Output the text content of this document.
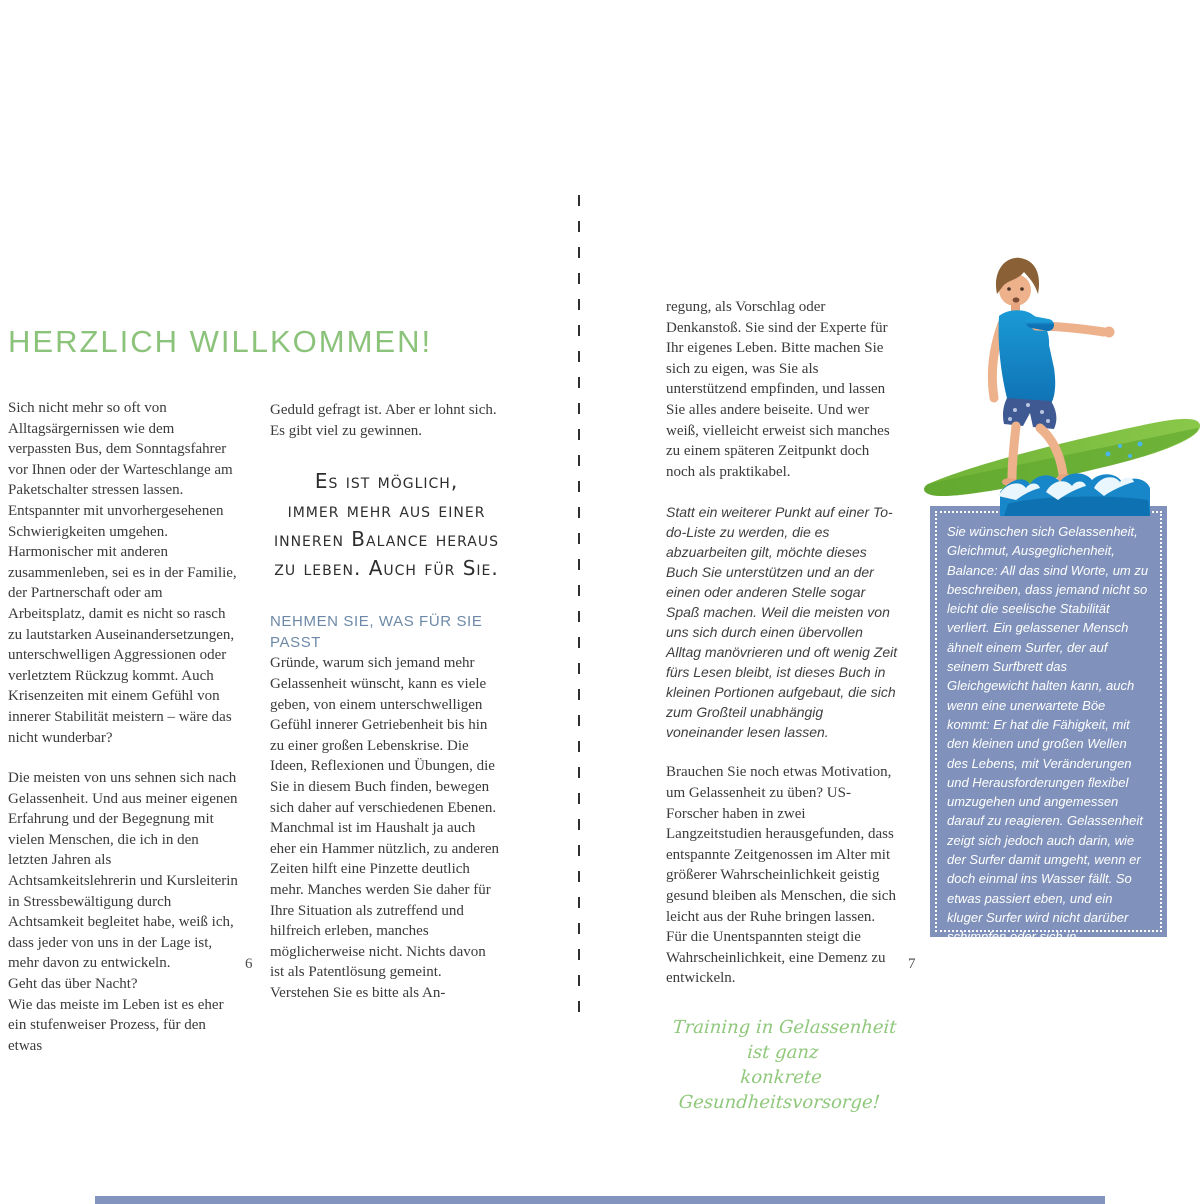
HERZLICH WILLKOMMEN!

Sich nicht mehr so oft von Alltagsärgernissen wie dem verpassten Bus, dem Sonntagsfahrer vor Ihnen oder der Warteschlange am Paketschalter stressen lassen. Entspannter mit unvorhergesehenen Schwierigkeiten umgehen. Harmonischer mit anderen zusammenleben, sei es in der Familie, der Partnerschaft oder am Arbeitsplatz, damit es nicht so rasch zu lautstarken Auseinandersetzungen, unterschwelligen Aggressionen oder verletztem Rückzug kommt. Auch Krisenzeiten mit einem Gefühl von innerer Stabilität meistern – wäre das nicht wunderbar?

Die meisten von uns sehnen sich nach Gelassenheit. Und aus meiner eigenen Erfahrung und der Begegnung mit vielen Menschen, die ich in den letzten Jahren als Achtsamkeitslehrerin und Kursleiterin in Stressbewältigung durch Achtsamkeit begleitet habe, weiß ich, dass jeder von uns in der Lage ist, mehr davon zu entwickeln.

Geht das über Nacht?

Wie das meiste im Leben ist es eher ein stufenweiser Prozess, für den etwas

Geduld gefragt ist. Aber er lohnt sich. Es gibt viel zu gewinnen.

Es ist möglich,
immer mehr aus einer
inneren Balance heraus
zu leben. Auch für Sie.
NEHMEN SIE, WAS FÜR SIE PASST

Gründe, warum sich jemand mehr Gelassenheit wünscht, kann es viele geben, von einem unterschwelligen Gefühl innerer Getriebenheit bis hin zu einer großen Lebenskrise. Die Ideen, Reflexionen und Übungen, die Sie in diesem Buch finden, bewegen sich daher auf verschiedenen Ebenen. Manchmal ist im Haushalt ja auch eher ein Hammer nützlich, zu anderen Zeiten hilft eine Pinzette deutlich mehr. Manches werden Sie daher für Ihre Situation als zutreffend und hilfreich erleben, manches möglicherweise nicht. Nichts davon ist als Patentlösung gemeint. Verstehen Sie es bitte als An-

6

regung, als Vorschlag oder Denkanstoß. Sie sind der Experte für Ihr eigenes Leben. Bitte machen Sie sich zu eigen, was Sie als unterstützend empfinden, und lassen Sie alles andere beiseite. Und wer weiß, vielleicht erweist sich manches zu einem späteren Zeitpunkt doch noch als praktikabel.

Statt ein weiterer Punkt auf einer To-do-Liste zu werden, die es abzuarbeiten gilt, möchte dieses Buch Sie unterstützen und an der einen oder anderen Stelle sogar Spaß machen. Weil die meisten von uns sich durch einen übervollen Alltag manövrieren und oft wenig Zeit fürs Lesen bleibt, ist dieses Buch in kleinen Portionen aufgebaut, die sich zum Großteil unabhängig voneinander lesen lassen.

Brauchen Sie noch etwas Motivation, um Gelassenheit zu üben? US-Forscher haben in zwei Langzeitstudien herausgefunden, dass entspannte Zeitgenossen im Alter mit größerer Wahrscheinlichkeit geistig gesund bleiben als Menschen, die sich leicht aus der Ruhe bringen lassen. Für die Unentspannten steigt die Wahrscheinlichkeit, eine Demenz zu entwickeln.

Training in Gelassenheit ist ganz
konkrete Gesundheitsvorsorge!
7

Sie wünschen sich Gelassenheit, Gleichmut, Ausgeglichenheit, Balance: All das sind Worte, um zu beschreiben, dass jemand nicht so leicht die seelische Stabilität verliert. Ein gelassener Mensch ähnelt einem Surfer, der auf seinem Surfbrett das Gleichgewicht halten kann, auch wenn eine unerwartete Böe kommt: Er hat die Fähigkeit, mit den kleinen und großen Wellen des Lebens, mit Veränderungen und Herausforderungen flexibel umzugehen und angemessen darauf zu reagieren. Gelassenheit zeigt sich jedoch auch darin, wie der Surfer damit umgeht, wenn er doch einmal ins Wasser fällt. So etwas passiert eben, und ein kluger Surfer wird nicht darüber schimpfen oder sich in verärgertem Widerstand dagegen verstricken, sondern einfach wieder auf sein Brett steigen.
